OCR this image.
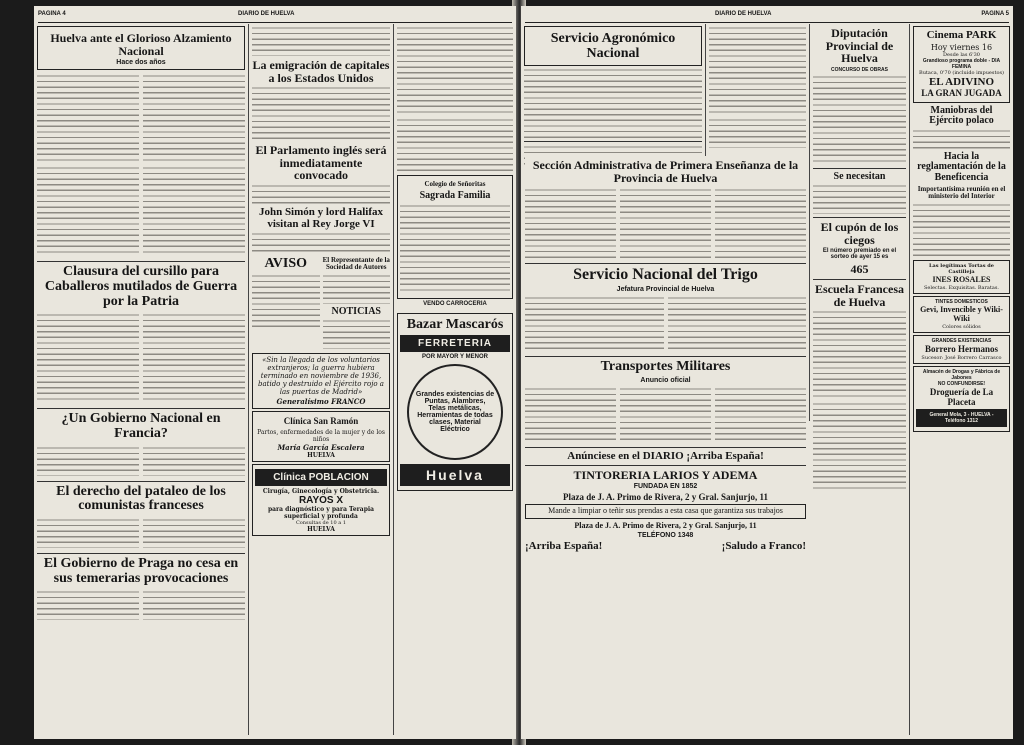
PAGINA 4	DIARIO DE HUELVA
Huelva ante el Glorioso Alzamiento Nacional
Hace dos años
Clausura del cursillo para Caballeros mutilados de Guerra por la Patria
¿Un Gobierno Nacional en Francia?
El derecho del pataleo de los comunistas franceses
El Gobierno de Praga no cesa en sus temerarias provocaciones
La emigración de capitales a los Estados Unidos
El Parlamento inglés será inmediatamente convocado
John Simón y lord Halifax visitan al Rey Jorge VI
AVISO	El Representante de la Sociedad de Autores
NOTICIAS
«Sin la llegada de los voluntarios extranjeros; la guerra hubiera terminado en noviembre de 1936, batido y destruido el Ejército rojo a las puertas de Madrid»
Generalísimo FRANCO
Clínica San Ramón
Partos, enfermedades de la mujer y de los niños
María García Escalera
HUELVA
Clínica POBLACION
Cirugía, Ginecología y Obstetricia.
RAYOS X
para diagnóstico y para Terapia superficial y profunda
Consultas de 10 a 1
HUELVA
Colegio de Señoritas
Sagrada Familia
VENDO CARROCERIA
Bazar Mascarós
FERRETERIA
POR MAYOR Y MENOR
Grandes existencias de Puntas, Alambres, Telas metálicas, Herramientas de todas clases, Material Eléctrico
Huelva
DIARIO DE HUELVA	PAGINA 5
Servicio Agronómico Nacional
Sección Administrativa de Primera Enseñanza de la Provincia de Huelva
Servicio Nacional del Trigo
Jefatura Provincial de Huelva
Transportes Militares
Anuncio oficial
Anúnciese en el DIARIO ¡Arriba España!
TINTORERIA LARIOS Y ADEMA
FUNDADA EN 1852
Plaza de J. A. Primo de Rivera, 2 y Gral. Sanjurjo, 11
Mande a limpiar o teñir sus prendas a esta casa que garantiza sus trabajos
Plaza de J. A. Primo de Rivera, 2 y Gral. Sanjurjo, 11
TELÉFONO 1348
¡Arriba España!	¡Saludo a Franco!
Diputación Provincial de Huelva
CONCURSO DE OBRAS
Se necesitan
El cupón de los ciegos
El número premiado en el sorteo de ayer 15 es
465
Escuela Francesa de Huelva
Cinema PARK
Hoy viernes 16
Desde las 6'30
Grandioso programa doble - DIA FEMINA
Butaca, 0'70 (incluido impuestos)
EL ADIVINO
LA GRAN JUGADA
Maniobras del Ejército polaco
Hacia la reglamentación de la Beneficencia
Importantísima reunión en el ministerio del Interior
Las legítimas Tortas de Castilleja
INES ROSALES
Selectas. Exquisitas. Baratas.
TINTES DOMESTICOS
Gevi, Invencible y Wiki-Wiki
Colores sólidos
GRANDES EXISTENCIAS
Borrero Hermanos
Sucesor: José Borrero Carrasco
Almacén de Drogas y Fábrica de Jabones
NO CONFUNDIRSE!
Droguería de La Placeta
General Mola, 3 - HUELVA - Teléfono 1312
